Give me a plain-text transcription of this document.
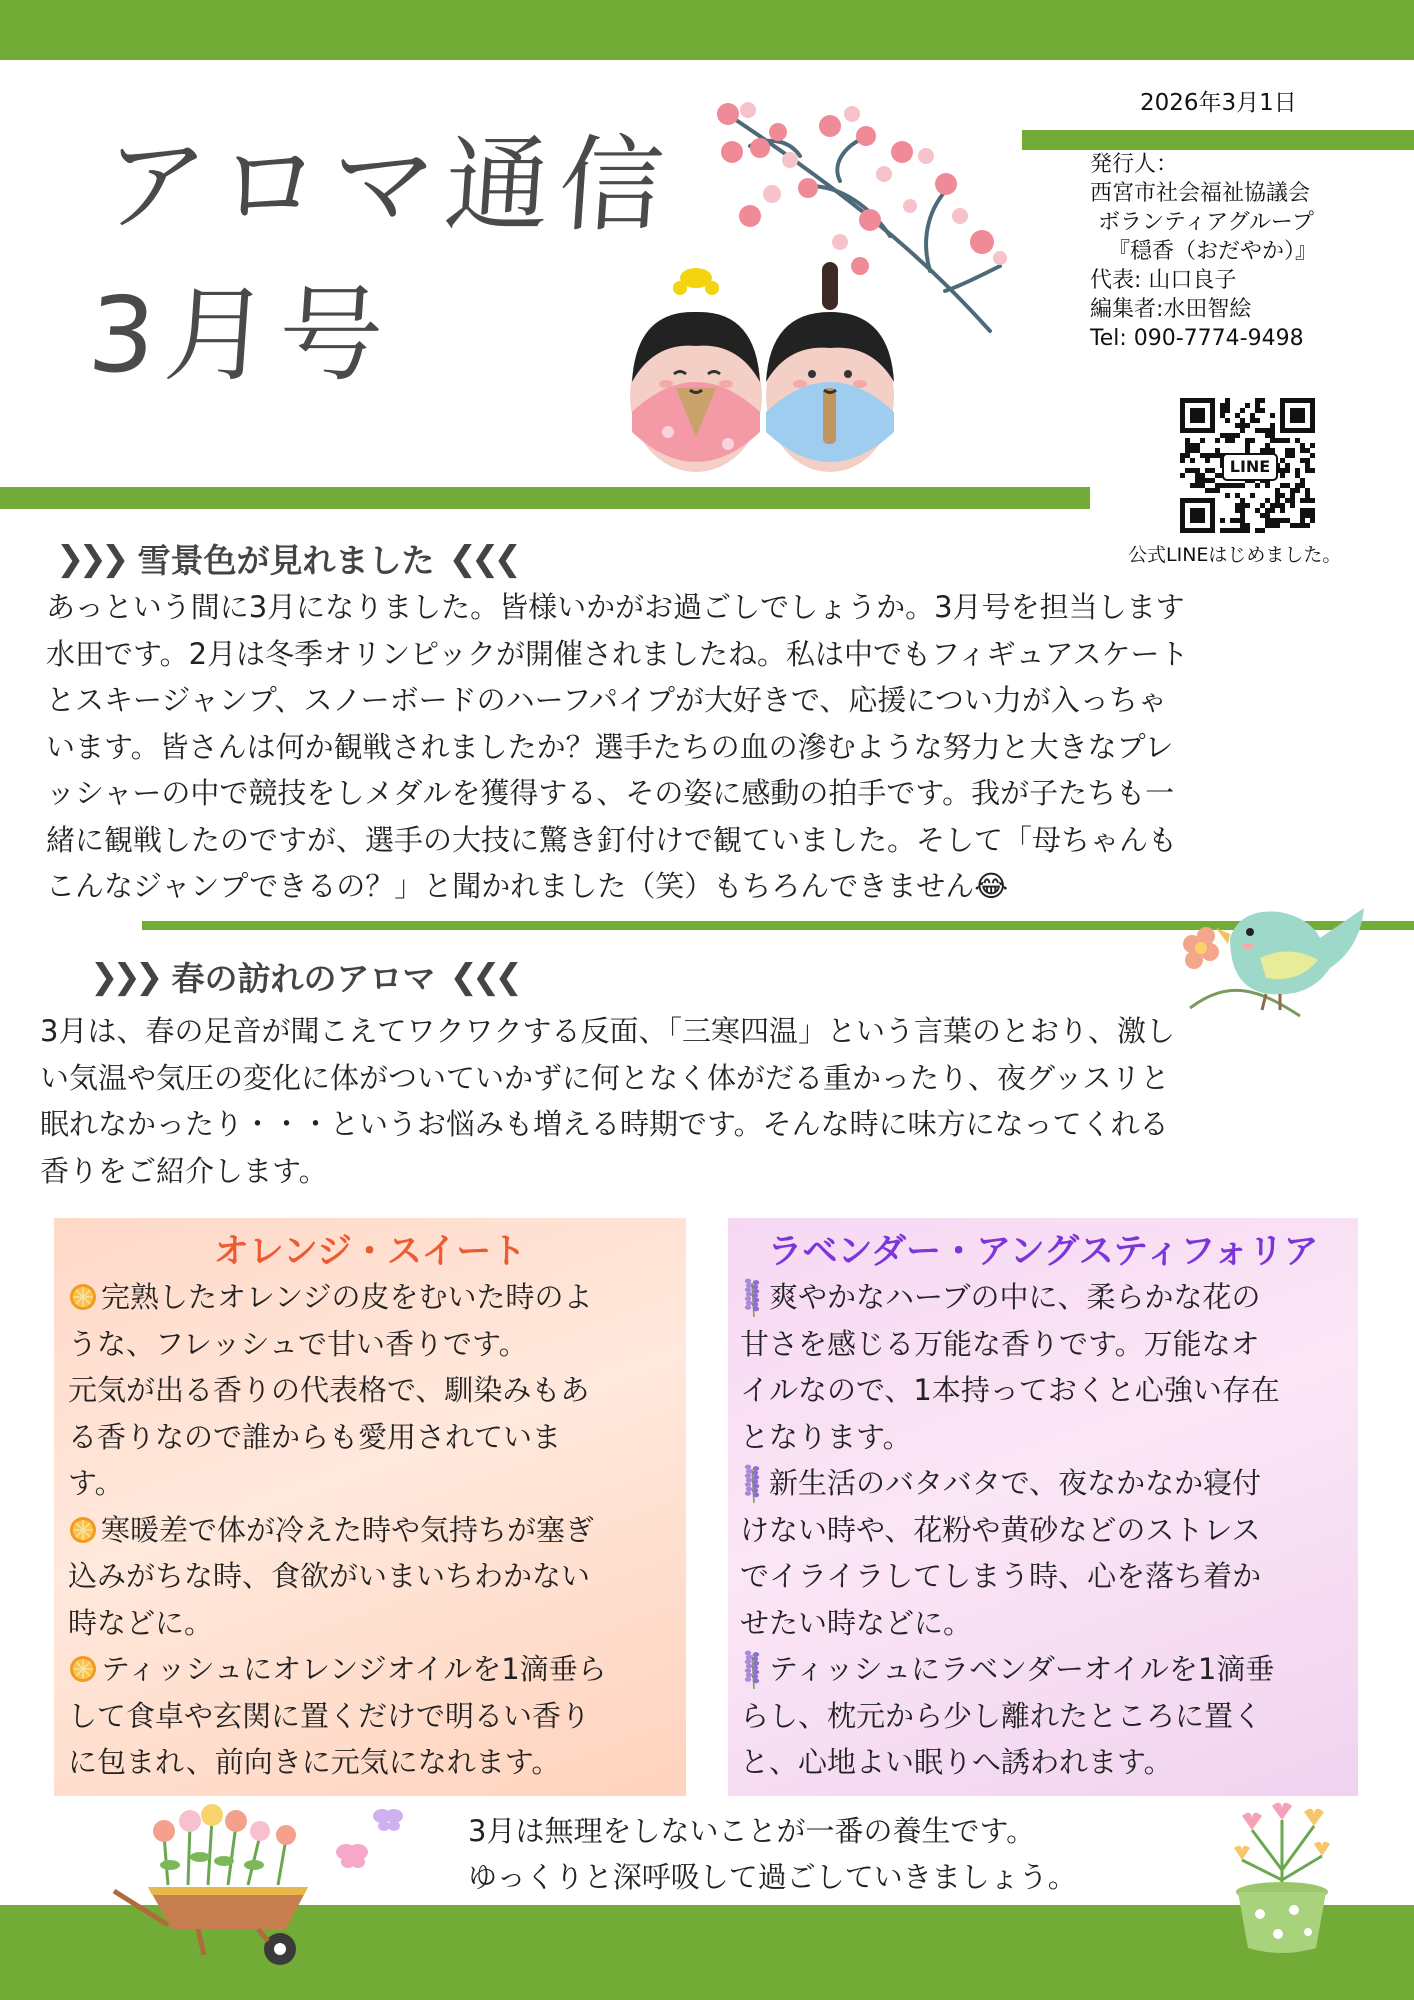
アロマ通信
3月号
2026年3月1日
発行人：
西宮市社会福祉協議会
ボランティアグループ
『穏香（おだやか）』
代表: 山口良子
編集者:水田智絵
Tel: 090-7774-9498
LINE
公式LINEはじめました。
❯❯❯ 雪景色が見れました ❮❮❮
あっという間に3月になりました。皆様いかがお過ごしでしょうか。3月号を担当します
水田です。2月は冬季オリンピックが開催されましたね。私は中でもフィギュアスケート
とスキージャンプ、スノーボードのハーフパイプが大好きで、応援につい力が入っちゃ
います。皆さんは何か観戦されましたか？選手たちの血の滲むような努力と大きなプレ
ッシャーの中で競技をしメダルを獲得する、その姿に感動の拍手です。我が子たちも一
緒に観戦したのですが、選手の大技に驚き釘付けで観ていました。そして「母ちゃんも
こんなジャンプできるの？」と聞かれました（笑）もちろんできません😂
❯❯❯ 春の訪れのアロマ ❮❮❮
3月は、春の足音が聞こえてワクワクする反面、「三寒四温」という言葉のとおり、激し
い気温や気圧の変化に体がついていかずに何となく体がだる重かったり、夜グッスリと
眠れなかったり・・・というお悩みも増える時期です。そんな時に味方になってくれる
香りをご紹介します。
オレンジ・スイート
完熟したオレンジの皮をむいた時のよ
うな、フレッシュで甘い香りです。
元気が出る香りの代表格で、馴染みもあ
る香りなので誰からも愛用されていま
す。
寒暖差で体が冷えた時や気持ちが塞ぎ
込みがちな時、食欲がいまいちわかない
時などに。
ティッシュにオレンジオイルを1滴垂ら
して食卓や玄関に置くだけで明るい香り
に包まれ、前向きに元気になれます。
ラベンダー・アングスティフォリア
爽やかなハーブの中に、柔らかな花の
甘さを感じる万能な香りです。万能なオ
イルなので、1本持っておくと心強い存在
となります。
新生活のバタバタで、夜なかなか寝付
けない時や、花粉や黄砂などのストレス
でイライラしてしまう時、心を落ち着か
せたい時などに。
ティッシュにラベンダーオイルを1滴垂
らし、枕元から少し離れたところに置く
と、心地よい眠りへ誘われます。
3月は無理をしないことが一番の養生です。
ゆっくりと深呼吸して過ごしていきましょう。
